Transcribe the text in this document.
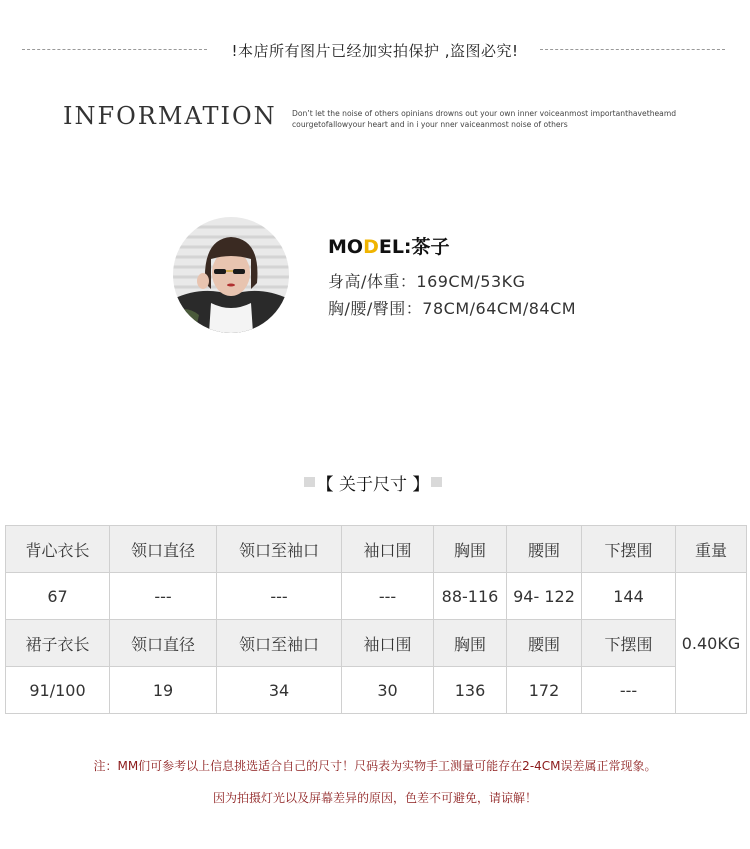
!本店所有图片已经加实拍保护 ,盗图必究!
INFORMATION Don’t let the noise of others opinians drowns out your own inner voiceanmost importanthavetheamd
courgetofallowyour heart and in i your nner vaiceanmost noise of others
MODEL:茶子
身高/体重：169CM/53KG
胸/腰/臀围：78CM/64CM/84CM
【 关于尺寸 】
背心衣长	领口直径	领口至袖口	袖口围	胸围	腰围	下摆围	重量
67	---	---	---	88-116	94- 122	144	0.40KG
裙子衣长	领口直径	领口至袖口	袖口围	胸围	腰围	下摆围	
91/100	19	34	30	136	172	---	
注：MM们可参考以上信息挑选适合自己的尺寸！尺码表为实物手工测量可能存在2-4CM误差属正常现象。
因为拍摄灯光以及屏幕差异的原因，色差不可避免，请谅解！
